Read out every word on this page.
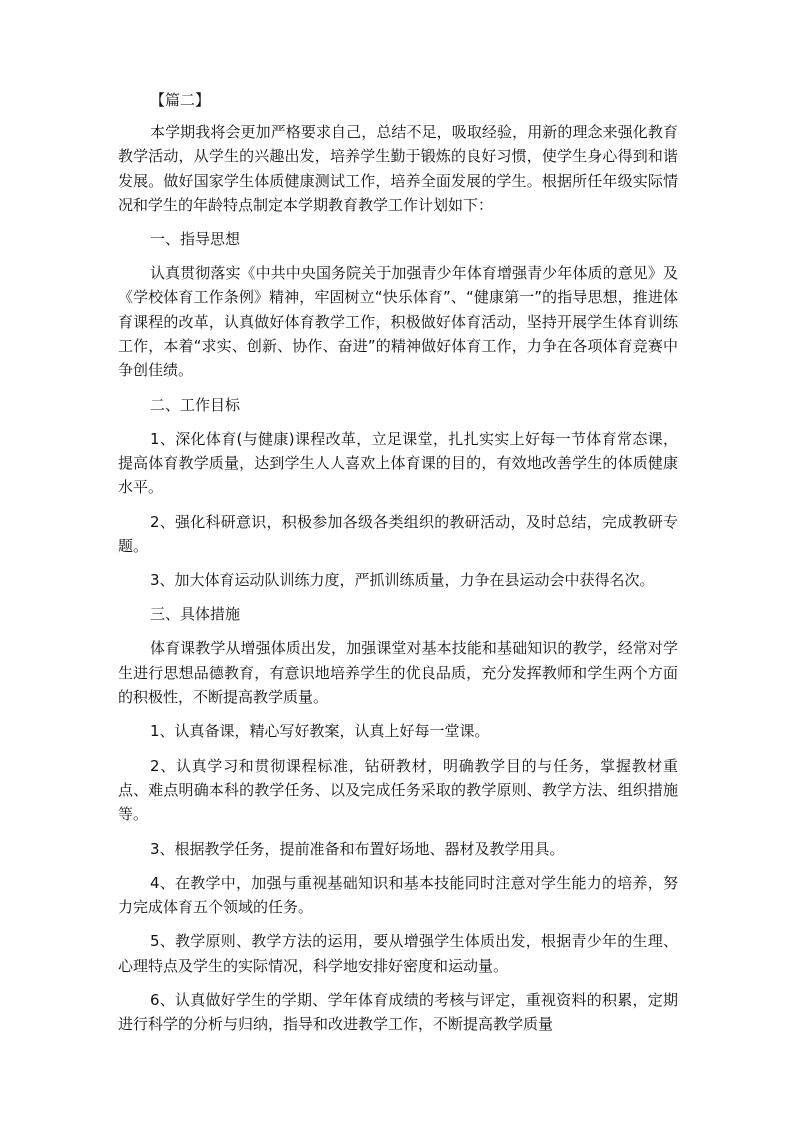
【篇二】

本学期我将会更加严格要求自己，总结不足，吸取经验，用新的理念来强化教育教学活动，从学生的兴趣出发，培养学生勤于锻炼的良好习惯，使学生身心得到和谐发展。做好国家学生体质健康测试工作，培养全面发展的学生。根据所任年级实际情况和学生的年龄特点制定本学期教育教学工作计划如下：

一、指导思想

认真贯彻落实《中共中央国务院关于加强青少年体育增强青少年体质的意见》及《学校体育工作条例》精神，牢固树立“快乐体育”、“健康第一”的指导思想，推进体育课程的改革，认真做好体育教学工作，积极做好体育活动，坚持开展学生体育训练工作，本着“求实、创新、协作、奋进”的精神做好体育工作，力争在各项体育竞赛中争创佳绩。

二、工作目标

1、深化体育(与健康)课程改革，立足课堂，扎扎实实上好每一节体育常态课，提高体育教学质量，达到学生人人喜欢上体育课的目的，有效地改善学生的体质健康水平。

2、强化科研意识，积极参加各级各类组织的教研活动，及时总结，完成教研专题。

3、加大体育运动队训练力度，严抓训练质量，力争在县运动会中获得名次。

三、具体措施

体育课教学从增强体质出发，加强课堂对基本技能和基础知识的教学，经常对学生进行思想品德教育，有意识地培养学生的优良品质，充分发挥教师和学生两个方面的积极性，不断提高教学质量。

1、认真备课，精心写好教案，认真上好每一堂课。

2、认真学习和贯彻课程标准，钻研教材，明确教学目的与任务，掌握教材重点、难点明确本科的教学任务、以及完成任务采取的教学原则、教学方法、组织措施等。

3、根据教学任务，提前准备和布置好场地、器材及教学用具。

4、在教学中，加强与重视基础知识和基本技能同时注意对学生能力的培养，努力完成体育五个领域的任务。

5、教学原则、教学方法的运用，要从增强学生体质出发，根据青少年的生理、心理特点及学生的实际情况，科学地安排好密度和运动量。

6、认真做好学生的学期、学年体育成绩的考核与评定，重视资料的积累，定期进行科学的分析与归纳，指导和改进教学工作，不断提高教学质量
